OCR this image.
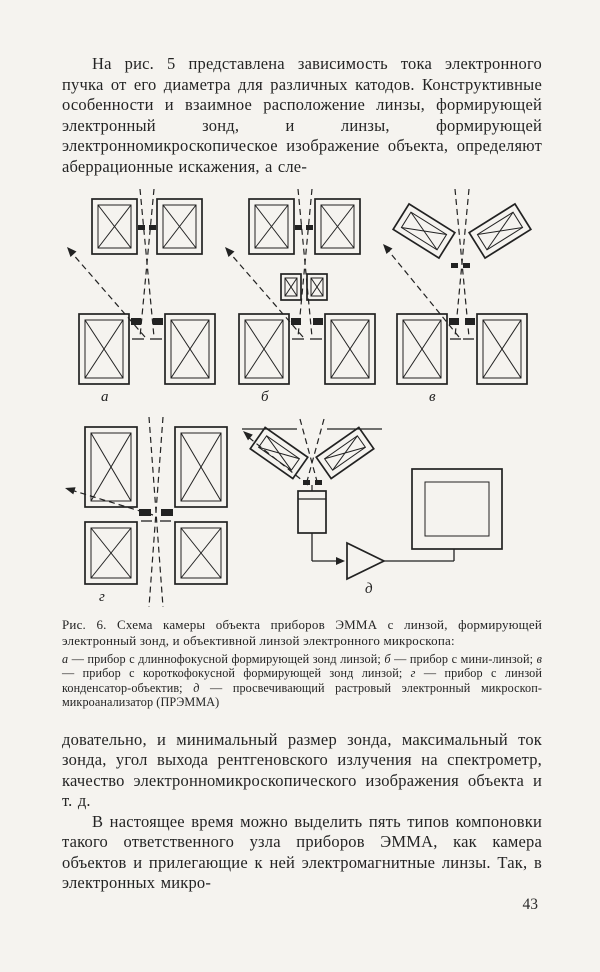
На рис. 5 представлена зависимость тока электронного пучка от его диаметра для различных катодов. Конструктивные особенности и взаимное расположение линзы, формирующей электронный зонд, и линзы, формирующей электронномикроскопическое изображение объекта, определяют аберрационные искажения, а сле-

а	б	в
г	д

Рис. 6. Схема камеры объекта приборов ЭММА с линзой, формирующей электронный зонд, и объективной линзой электронного микроскопа:

а — прибор с длиннофокусной формирующей зонд линзой; б — прибор с мини-линзой; в — прибор с короткофокусной формирующей зонд линзой; г — прибор с линзой конденсатор-объектив; д — просвечивающий растровый электронный микроскоп-микроанализатор (ПРЭММА)

довательно, и минимальный размер зонда, максимальный ток зонда, угол выхода рентгеновского излучения на спектрометр, качество электронномикроскопического изображения объекта и т. д.

В настоящее время можно выделить пять типов компоновки такого ответственного узла приборов ЭММА, как камера объектов и прилегающие к ней электромагнитные линзы. Так, в электронных микро-

43
